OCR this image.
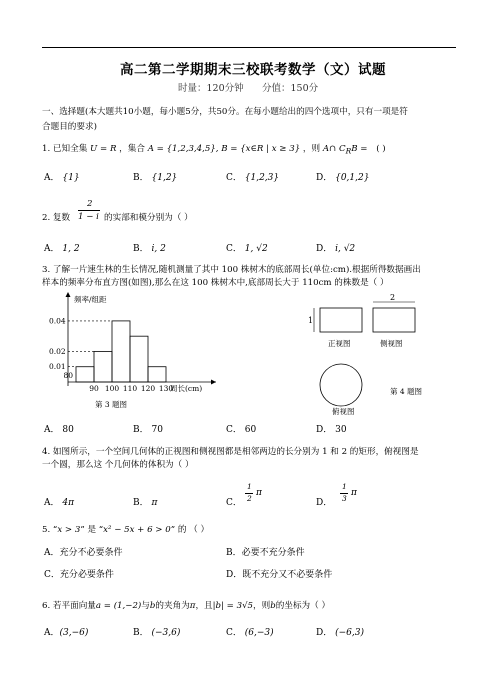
高二第二学期期末三校联考数学（文）试题
时量：120分钟 分值：150分
一、选择题(本大题共10小题，每小题5分，共50分。在每小题给出的四个选项中，只有一项是符
合题目的要求)
1. 已知全集 U = R ，集合 A = {1,2,3,4,5}, B = {x∈R | x ≥ 3} ，则 A∩ $C_RB$ = ( )
A． {1}	B． {1,2}	C． {1,2,3}	D． {0,1,2}
2. 复数
2
1 − i 的实部和模分别为（ ）
A． 1, 2	B． i, 2	C． 1, √2	D． i, √2
3. 了解一片速生林的生长情况,随机测量了其中 100 株树木的底部周长(单位:cm).根据所得数据画出
样本的频率分布直方图(如图),那么在这 100 株树木中,底部周长大于 110cm 的株数是（ ）
频率/组距
0.04
0.02
0.01
80
90 100 110 120 130
周长(cm)
第 3 题图
1
正视图
2
侧视图
俯视图
第 4 题图
A． 80	B． 70	C． 60	D． 30
4. 如图所示，一个空间几何体的正视图和侧视图都是相邻两边的长分别为 1 和 2 的矩形，俯视图是
一个圆，那么这 个几何体的体积为（ ）
A． 4π	B． π	C．
1
2
π
D．
1
3
π
5. “x > 3” 是 “x² − 5x + 6 > 0” 的 （ ）
A．充分不必要条件	B．必要不充分条件
C．充分必要条件	D．既不充分又不必要条件
6. 若平面向量a = (1,−2)与b的夹角为π，且|b| = 3√5，则b的坐标为（ ）
A．(3,−6)	B． (−3,6)	C． (6,−3)	D． (−6,3)
